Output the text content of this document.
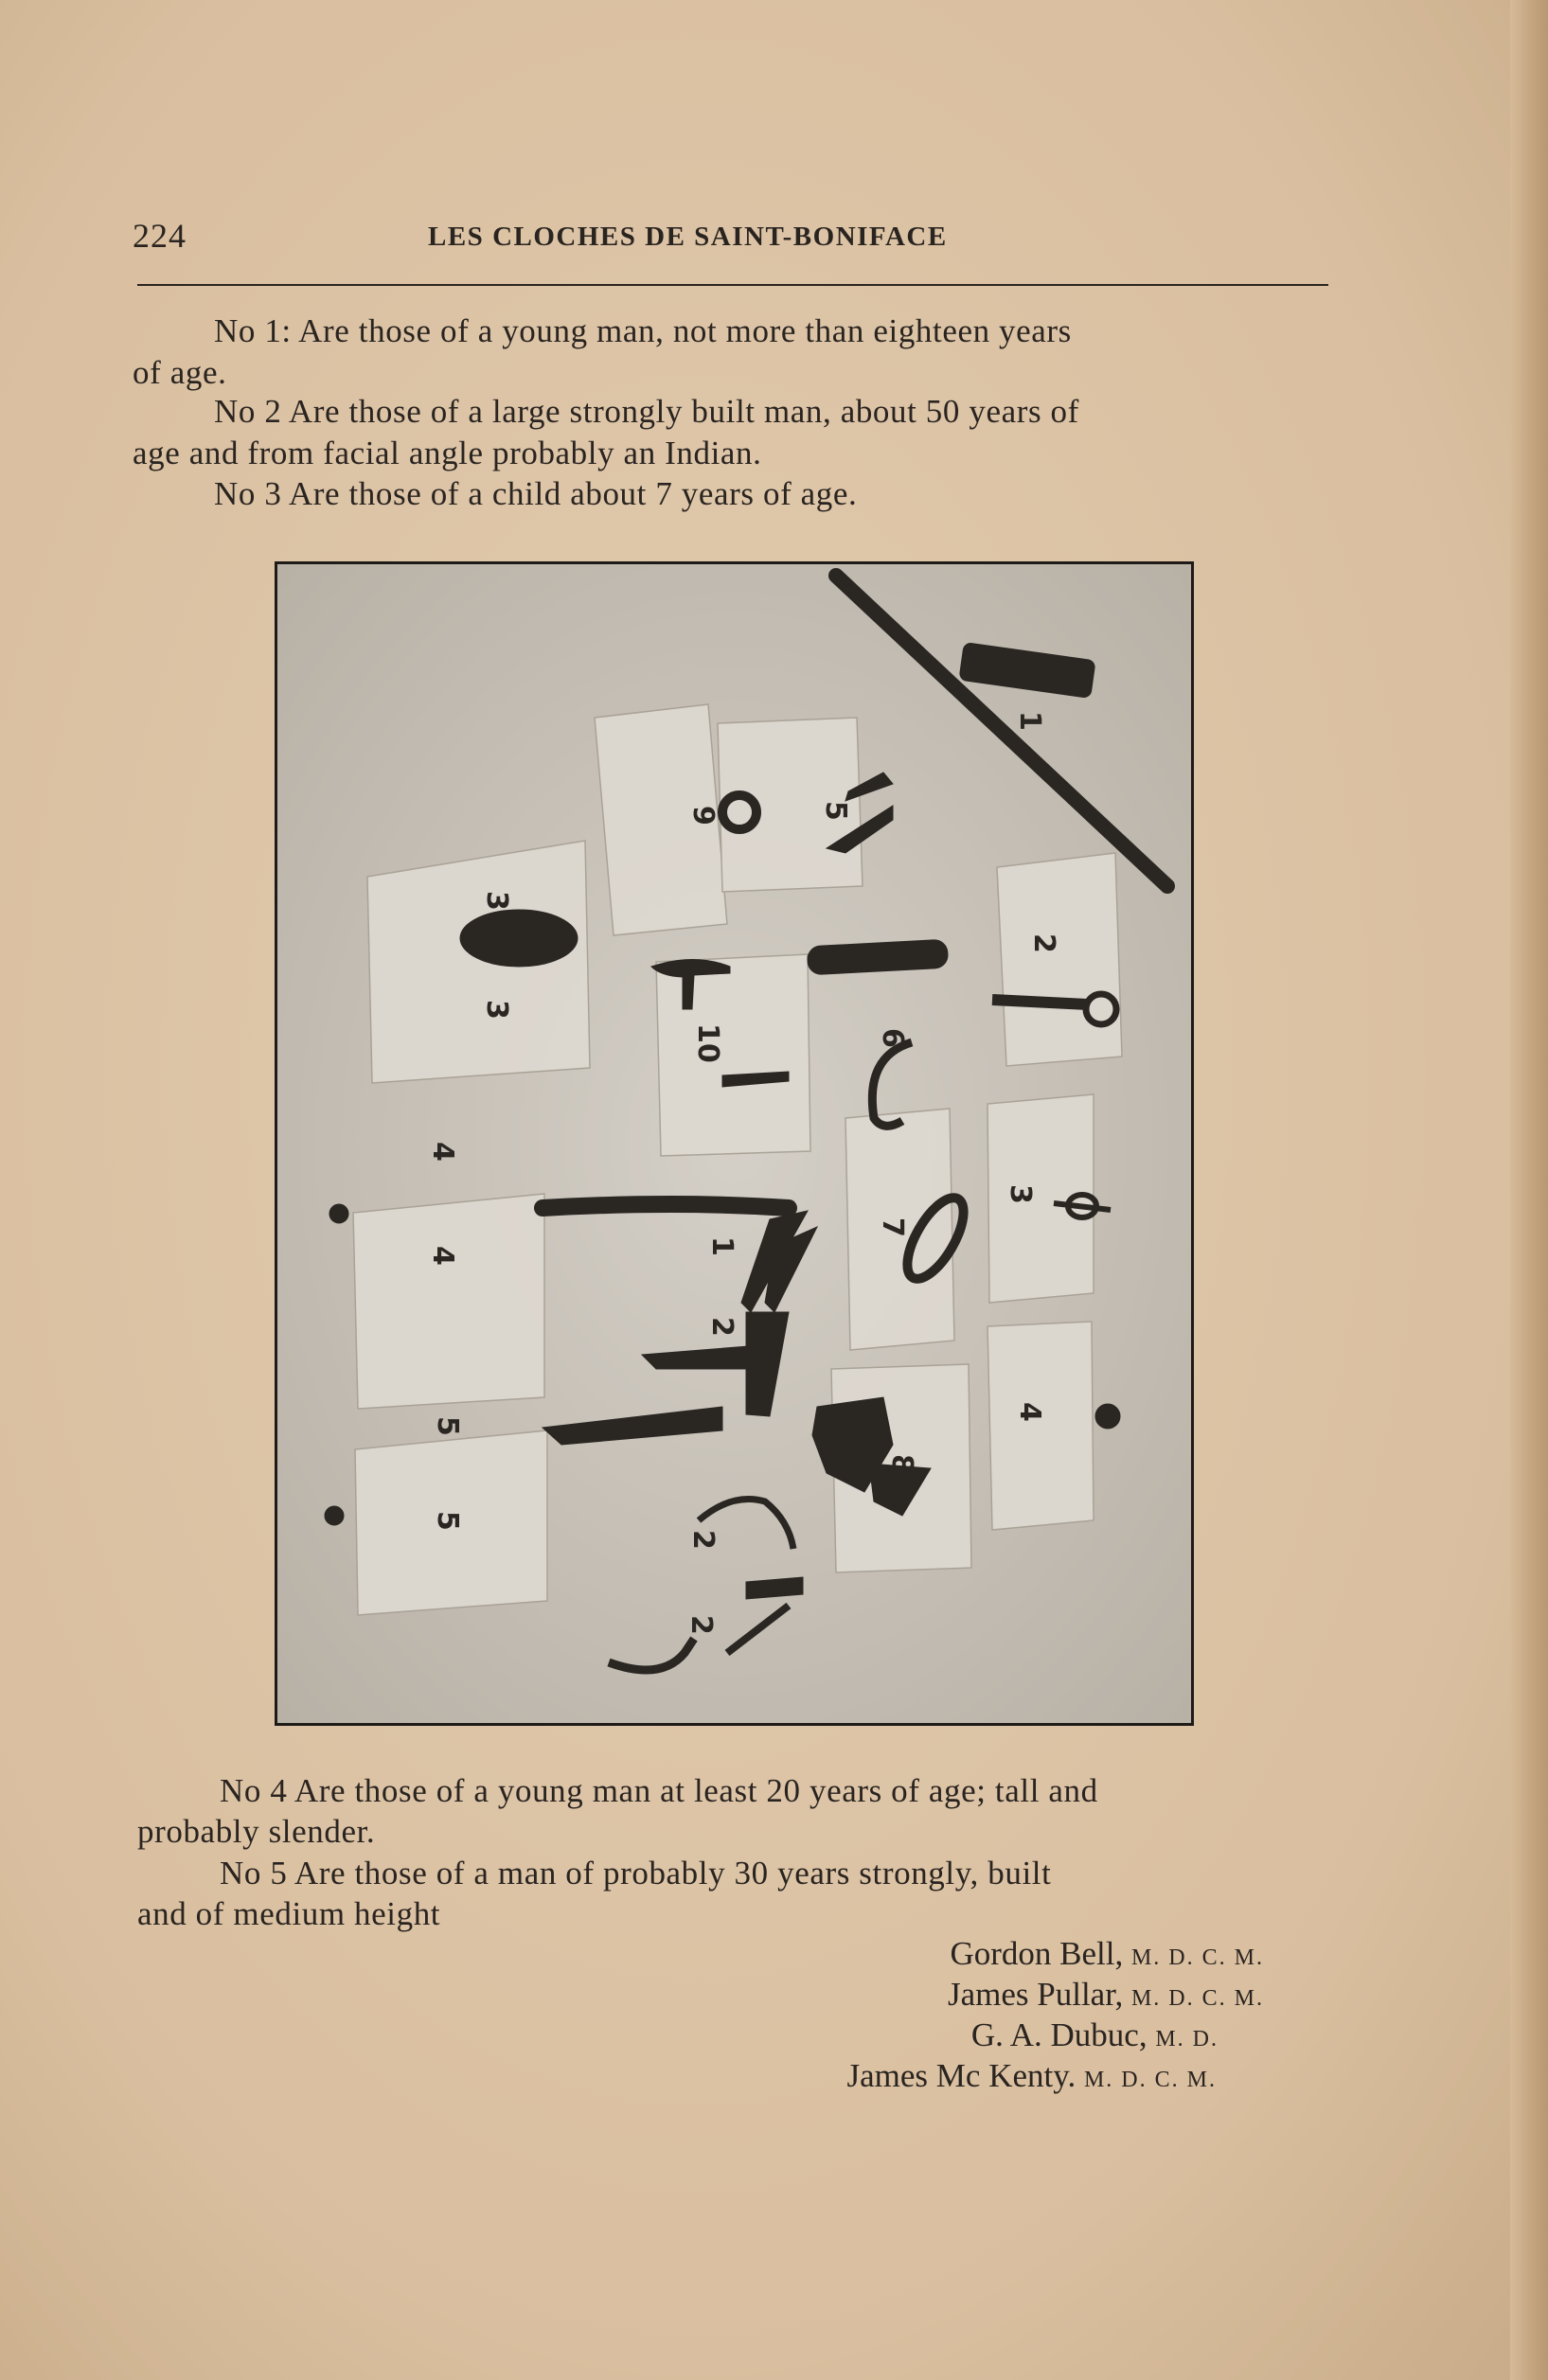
224	LES CLOCHES DE SAINT-BONIFACE
No 1: Are those of a young man, not more than eighteen years
of age.
No 2 Are those of a large strongly built man, about 50 years of
age and from facial angle probably an Indian.
No 3 Are those of a child about 7 years of age.
3
3
9	5
1
2
10	6
3
4
4	1
7
2
4
5
5
8
2
2
No 4 Are those of a young man at least 20 years of age; tall and
probably slender.
No 5 Are those of a man of probably 30 years strongly, built
and of medium height
Gordon Bell, M. D. C. M.
James Pullar, M. D. C. M.
G. A. Dubuc, M. D.
James Mc Kenty. M. D. C. M.
